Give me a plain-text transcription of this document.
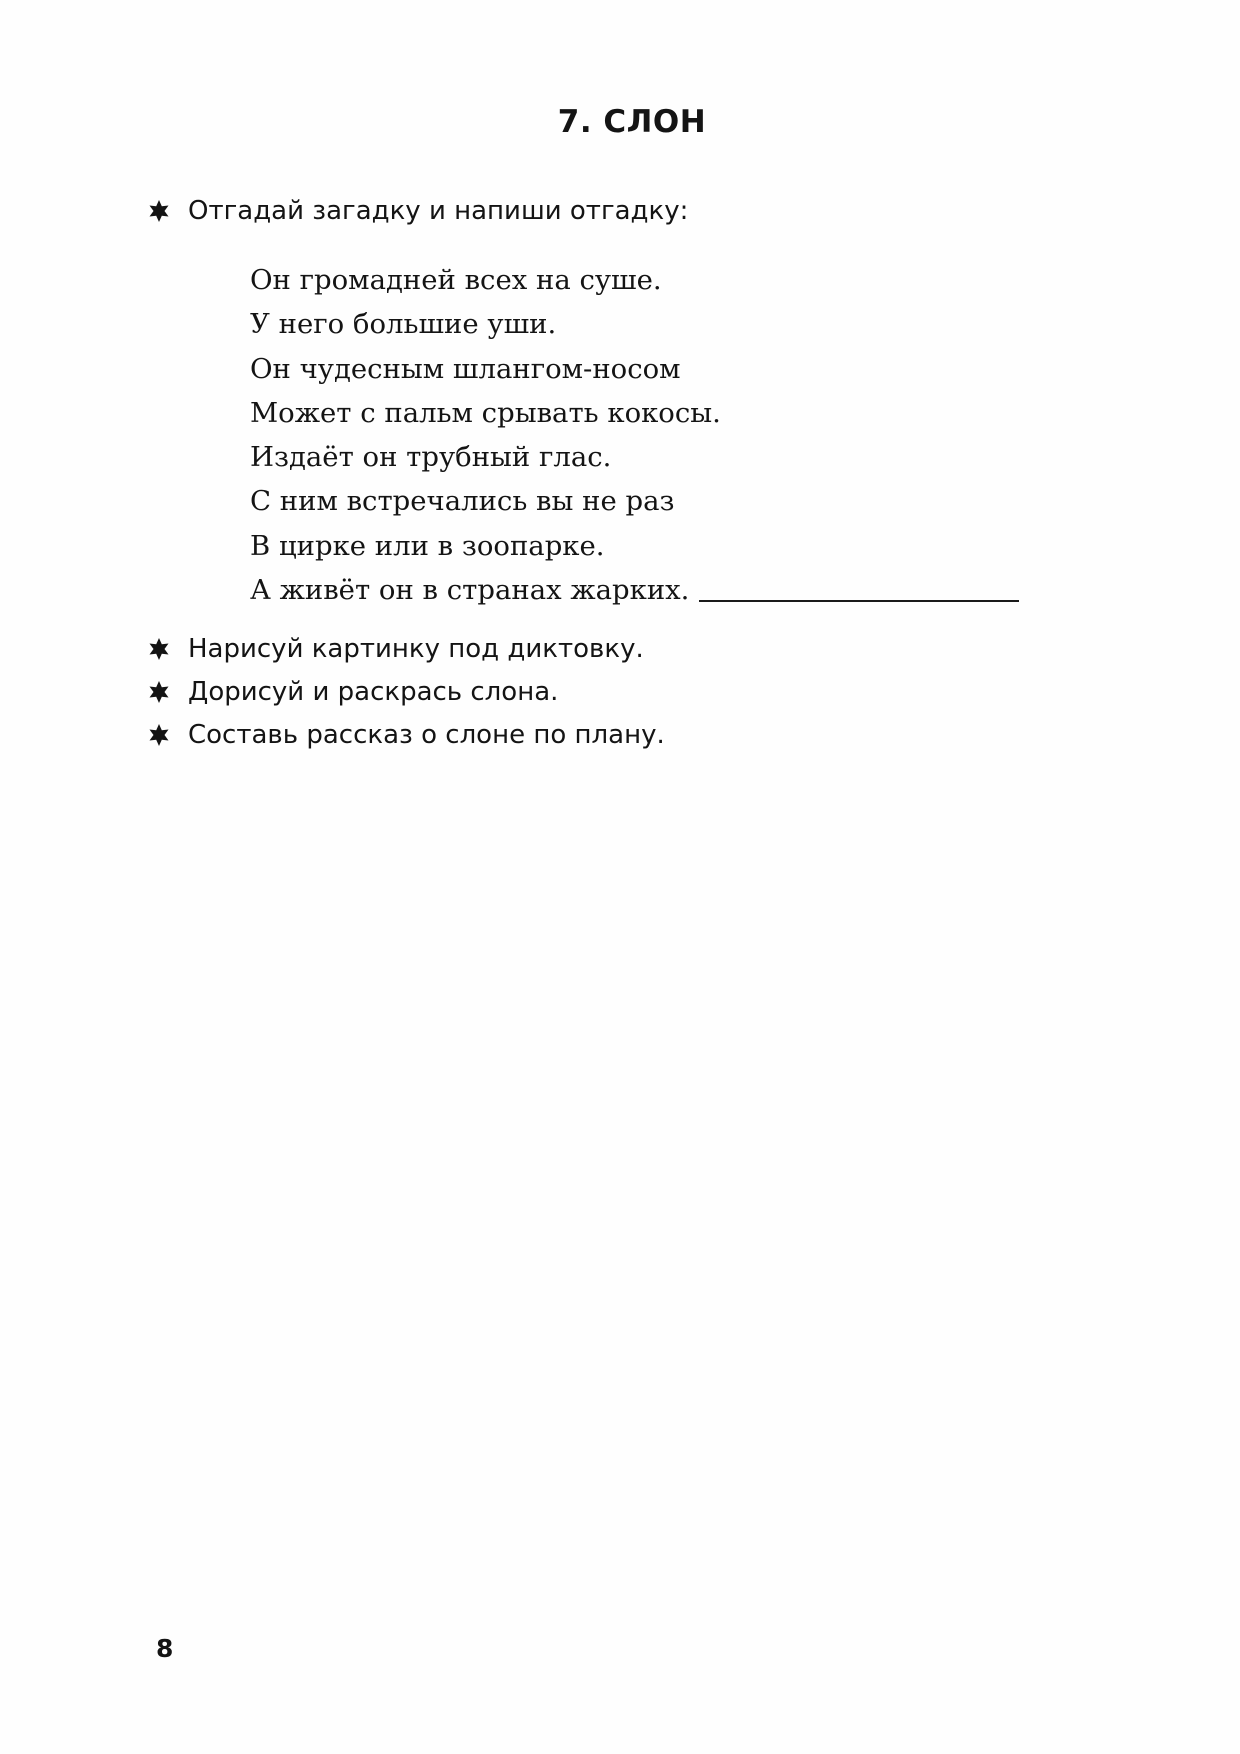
7. СЛОН
Отгадай загадку и напиши отгадку:
Он громадней всех на суше.
У него большие уши.
Он чудесным шлангом-носом
Может с пальм срывать кокосы.
Издаёт он трубный глас.
С ним встречались вы не раз
В цирке или в зоопарке.
А живёт он в странах жарких.
Нарисуй картинку под диктовку.
Дорисуй и раскрась слона.
Составь рассказ о слоне по плану.
8
